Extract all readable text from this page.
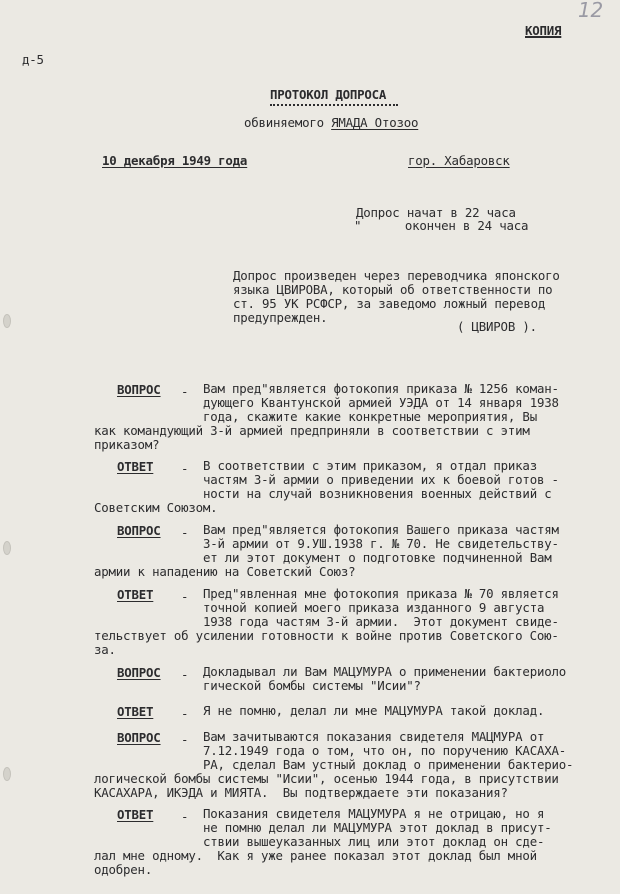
12
КОПИЯ
д-5
ПРОТОКОЛ ДОПРОСА
обвиняемого ЯМАДА Отозоо
10 декабря 1949 года	гор. Хабаровск
Допрос начат в 22 часа
"      окончен в 24 часа
Допрос произведен через переводчика японского
языка ЦВИРОВА, который об ответственности по
ст. 95 УК РСФСР, за заведомо ложный перевод
предупрежден.
( ЦВИРОВ ).
ВОПРОС - Вам пред"является фотокопия приказа № 1256 коман-
дующего Квантунской армией УЭДА от 14 января 1938
года, скажите какие конкретные мероприятия, Вы
как командующий 3-й армией предприняли в соответствии с этим
приказом?
ОТВЕТ - В соответствии с этим приказом, я отдал приказ
частям 3-й армии о приведении их к боевой готов -
ности на случай возникновения военных действий с
Советским Союзом.
ВОПРОС - Вам пред"является фотокопия Вашего приказа частям
3-й армии от 9.УШ.1938 г. № 70. Не свидетельству-
ет ли этот документ о подготовке подчиненной Вам
армии к нападению на Советский Союз?
ОТВЕТ - Пред"явленная мне фотокопия приказа № 70 является
точной копией моего приказа изданного 9 августа
1938 года частям 3-й армии.  Этот документ свиде-
тельствует об усилении готовности к войне против Советского Сою-
за.
ВОПРОС - Докладывал ли Вам МАЦУМУРА о применении бактериоло
гической бомбы системы "Исии"?
ОТВЕТ - Я не помню, делал ли мне МАЦУМУРА такой доклад.
ВОПРОС - Вам зачитываются показания свидетеля МАЦМУРА от
7.12.1949 года о том, что он, по поручению КАСАХА-
РА, сделал Вам устный доклад о применении бактерио-
логической бомбы системы "Исии", осенью 1944 года, в присутствии
КАСАХАРА, ИКЭДА и МИЯТА.  Вы подтверждаете эти показания?
ОТВЕТ - Показания свидетеля МАЦУМУРА я не отрицаю, но я
не помню делал ли МАЦУМУРА этот доклад в присут-
ствии вышеуказанных лиц или этот доклад он сде-
лал мне одному.  Как я уже ранее показал этот доклад был мной
одобрен.
